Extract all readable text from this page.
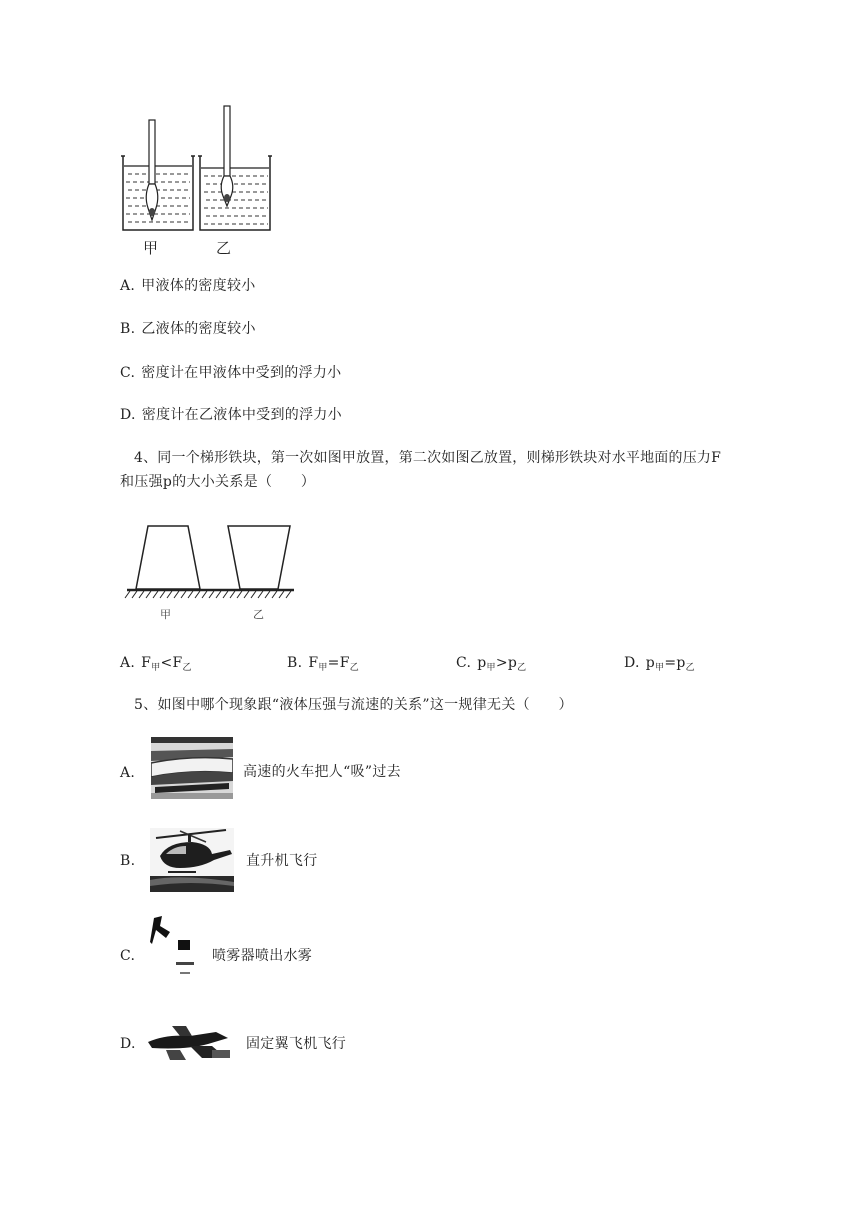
甲	乙
A. 甲液体的密度较小
B. 乙液体的密度较小
C. 密度计在甲液体中受到的浮力小
D. 密度计在乙液体中受到的浮力小
4、同一个梯形铁块，第一次如图甲放置，第二次如图乙放置，则梯形铁块对水平地面的压力F
和压强p的大小关系是（　　）
甲	乙
A. $F_甲<F_乙$	B. $F_甲=F_乙$	C. $p_甲>p_乙$	D. $p_甲=p_乙$
5、如图中哪个现象跟“液体压强与流速的关系”这一规律无关（　　）
A.	高速的火车把人“吸”过去
B.	直升机飞行
C.	喷雾器喷出水雾
D.	固定翼飞机飞行
